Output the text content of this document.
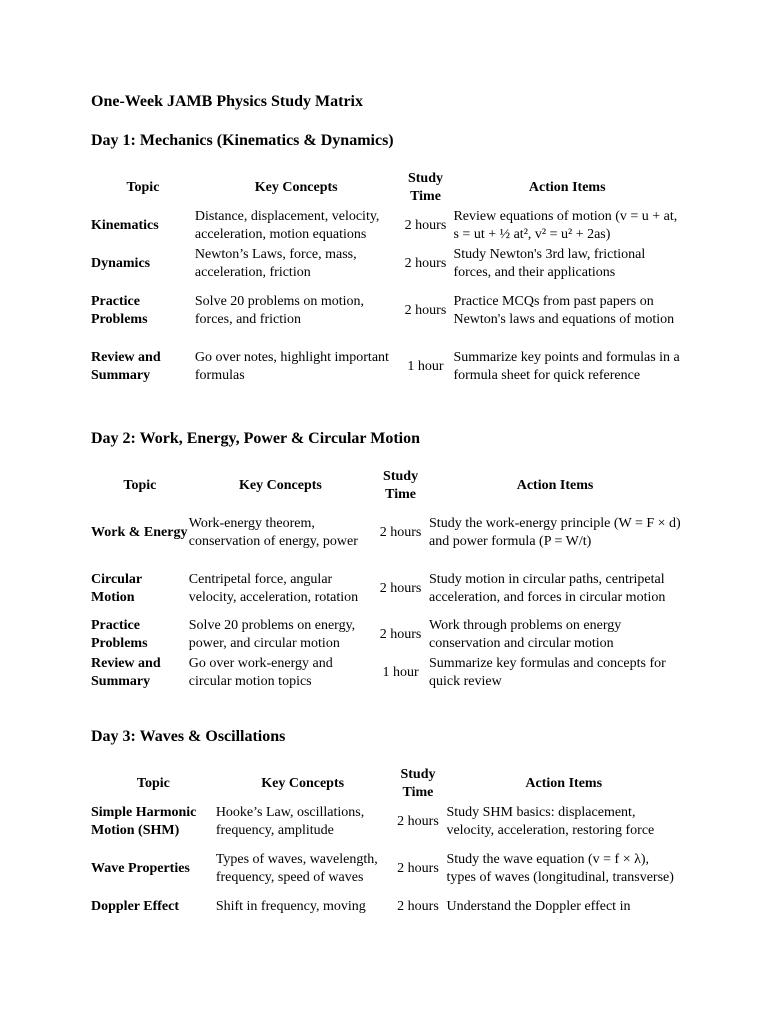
One-Week JAMB Physics Study Matrix
Day 1: Mechanics (Kinematics & Dynamics)
Topic	Key Concepts	Study Time	Action Items
Kinematics	Distance, displacement, velocity, acceleration, motion equations	2 hours	Review equations of motion (v = u + at, s = ut + ½ at², v² = u² + 2as)
Dynamics	Newton’s Laws, force, mass, acceleration, friction	2 hours	Study Newton's 3rd law, frictional forces, and their applications
Practice Problems	Solve 20 problems on motion, forces, and friction	2 hours	Practice MCQs from past papers on Newton's laws and equations of motion
Review and Summary	Go over notes, highlight important formulas	1 hour	Summarize key points and formulas in a formula sheet for quick reference
Day 2: Work, Energy, Power & Circular Motion
Topic	Key Concepts	Study Time	Action Items
Work & Energy	Work-energy theorem, conservation of energy, power	2 hours	Study the work-energy principle (W = F × d) and power formula (P = W/t)
Circular Motion	Centripetal force, angular velocity, acceleration, rotation	2 hours	Study motion in circular paths, centripetal acceleration, and forces in circular motion
Practice Problems	Solve 20 problems on energy, power, and circular motion	2 hours	Work through problems on energy conservation and circular motion
Review and Summary	Go over work-energy and circular motion topics	1 hour	Summarize key formulas and concepts for quick review
Day 3: Waves & Oscillations
Topic	Key Concepts	Study Time	Action Items
Simple Harmonic Motion (SHM)	Hooke’s Law, oscillations, frequency, amplitude	2 hours	Study SHM basics: displacement, velocity, acceleration, restoring force
Wave Properties	Types of waves, wavelength, frequency, speed of waves	2 hours	Study the wave equation (v = f × λ), types of waves (longitudinal, transverse)
Doppler Effect	Shift in frequency, moving	2 hours	Understand the Doppler effect in
